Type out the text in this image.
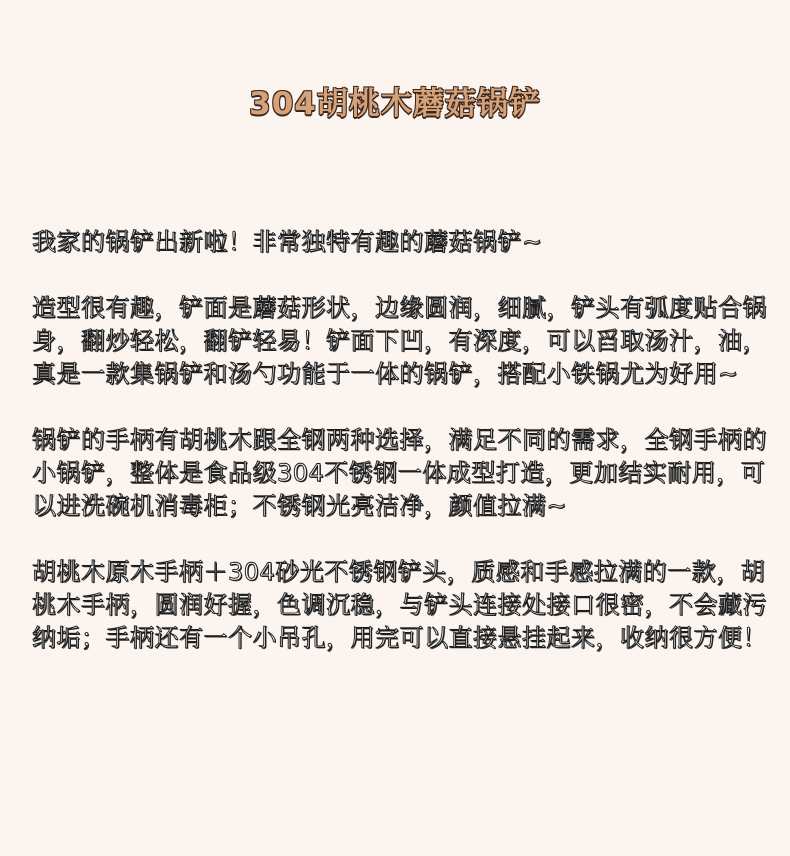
304胡桃木蘑菇锅铲

我家的锅铲出新啦！非常独特有趣的蘑菇锅铲~

造型很有趣，铲面是蘑菇形状，边缘圆润，细腻，铲头有弧度贴合锅身，翻炒轻松，翻铲轻易！铲面下凹，有深度，可以舀取汤汁，油，真是一款集锅铲和汤勺功能于一体的锅铲，搭配小铁锅尤为好用~

锅铲的手柄有胡桃木跟全钢两种选择，满足不同的需求，全钢手柄的小锅铲，整体是食品级304不锈钢一体成型打造，更加结实耐用，可以进洗碗机消毒柜；不锈钢光亮洁净，颜值拉满~

胡桃木原木手柄＋304砂光不锈钢铲头，质感和手感拉满的一款，胡桃木手柄，圆润好握，色调沉稳，与铲头连接处接口很密，不会藏污纳垢；手柄还有一个小吊孔，用完可以直接悬挂起来，收纳很方便！
